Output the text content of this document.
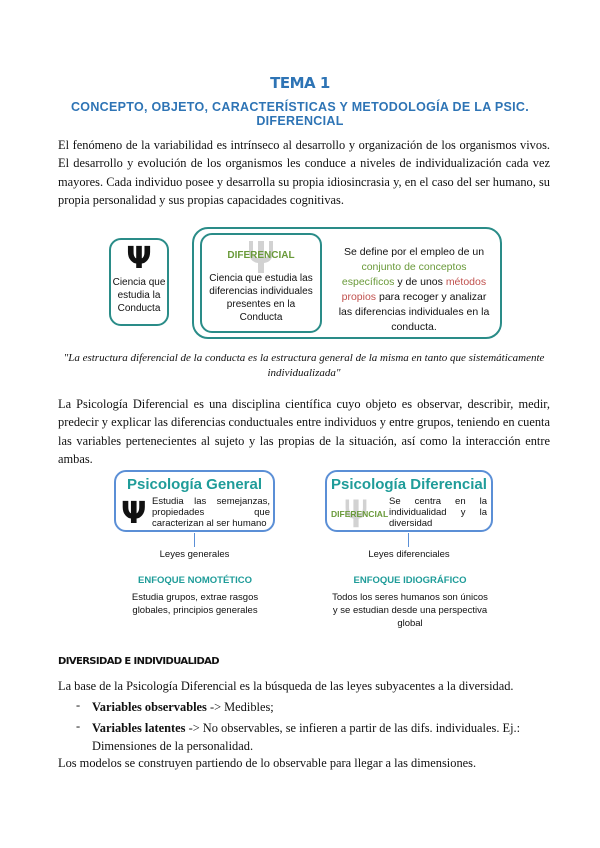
TEMA 1
CONCEPTO, OBJETO, CARACTERÍSTICAS Y METODOLOGÍA DE LA PSIC. DIFERENCIAL
El fenómeno de la variabilidad es intrínseco al desarrollo y organización de los organismos vivos. El desarrollo y evolución de los organismos les conduce a niveles de individualización cada vez mayores. Cada individuo posee y desarrolla su propia idiosincrasia y, en el caso del ser humano, su propia personalidad y sus propias capacidades cognitivas.
Ψ
Ciencia que estudia la Conducta
DIFERENCIAL
Ciencia que estudia las diferencias individuales presentes en la Conducta
Se define por el empleo de un conjunto de conceptos específicos y de unos métodos propios para recoger y analizar las diferencias individuales en la conducta.
"La estructura diferencial de la conducta es la estructura general de la misma en tanto que sistemáticamente individualizada"
La Psicología Diferencial es una disciplina científica cuyo objeto es observar, describir, medir, predecir y explicar las diferencias conductuales entre individuos y entre grupos, teniendo en cuenta las variables pertenecientes al sujeto y las propias de la situación, así como la interacción entre ambas.
Psicología General
Ψ Estudia las semejanzas, propiedades que caracterizan al ser humano
Leyes generales
ENFOQUE NOMOTÉTICO
Estudia grupos, extrae rasgos globales, principios generales
Psicología Diferencial
DIFERENCIAL
Se centra en la individualidad y la diversidad
Leyes diferenciales
ENFOQUE IDIOGRÁFICO
Todos los seres humanos son únicos y se estudian desde una perspectiva global
DIVERSIDAD E INDIVIDUALIDAD
La base de la Psicología Diferencial es la búsqueda de las leyes subyacentes a la diversidad.
- Variables observables -> Medibles;
- Variables latentes -> No observables, se infieren a partir de las difs. individuales. Ej.: Dimensiones de la personalidad.
Los modelos se construyen partiendo de lo observable para llegar a las dimensiones.
